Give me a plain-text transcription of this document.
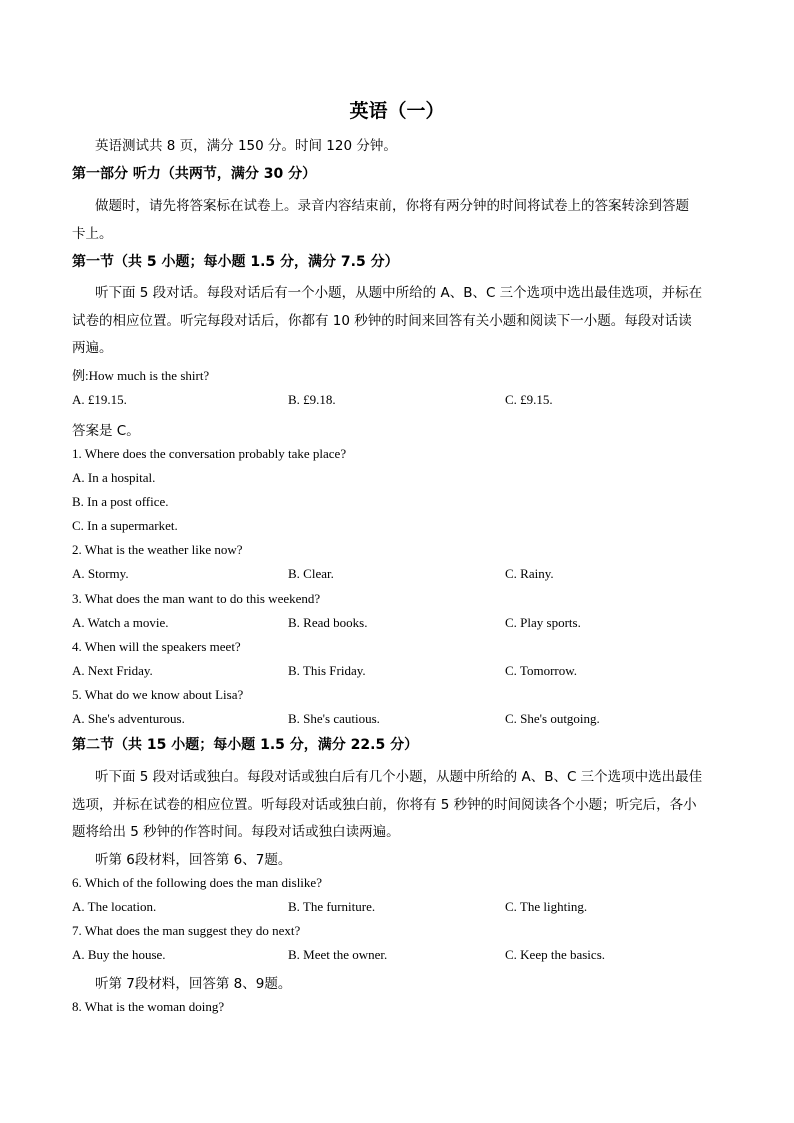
英语（一）
英语测试共 8 页，满分 150 分。时间 120 分钟。
第一部分 听力（共两节，满分 30 分）
做题时，请先将答案标在试卷上。录音内容结束前，你将有两分钟的时间将试卷上的答案转涂到答题
卡上。
第一节（共 5 小题；每小题 1.5 分，满分 7.5 分）
听下面 5 段对话。每段对话后有一个小题，从题中所给的 A、B、C 三个选项中选出最佳选项，并标在
试卷的相应位置。听完每段对话后，你都有 10 秒钟的时间来回答有关小题和阅读下一小题。每段对话读
两遍。
例:How much is the shirt?
A. £19.15.	B. £9.18.	C. £9.15.
答案是 C。
1. Where does the conversation probably take place?
A. In a hospital.
B. In a post office.
C. In a supermarket.
2. What is the weather like now?
A. Stormy.	B. Clear.	C. Rainy.
3. What does the man want to do this weekend?
A. Watch a movie.	B. Read books.	C. Play sports.
4. When will the speakers meet?
A. Next Friday.	B. This Friday.	C. Tomorrow.
5. What do we know about Lisa?
A. She's adventurous.	B. She's cautious.	C. She's outgoing.
第二节（共 15 小题；每小题 1.5 分，满分 22.5 分）
听下面 5 段对话或独白。每段对话或独白后有几个小题，从题中所给的 A、B、C 三个选项中选出最佳
选项，并标在试卷的相应位置。听每段对话或独白前，你将有 5 秒钟的时间阅读各个小题；听完后，各小
题将给出 5 秒钟的作答时间。每段对话或独白读两遍。
听第 6段材料，回答第 6、7题。
6. Which of the following does the man dislike?
A. The location.	B. The furniture.	C. The lighting.
7. What does the man suggest they do next?
A. Buy the house.	B. Meet the owner.	C. Keep the basics.
听第 7段材料，回答第 8、9题。
8. What is the woman doing?
